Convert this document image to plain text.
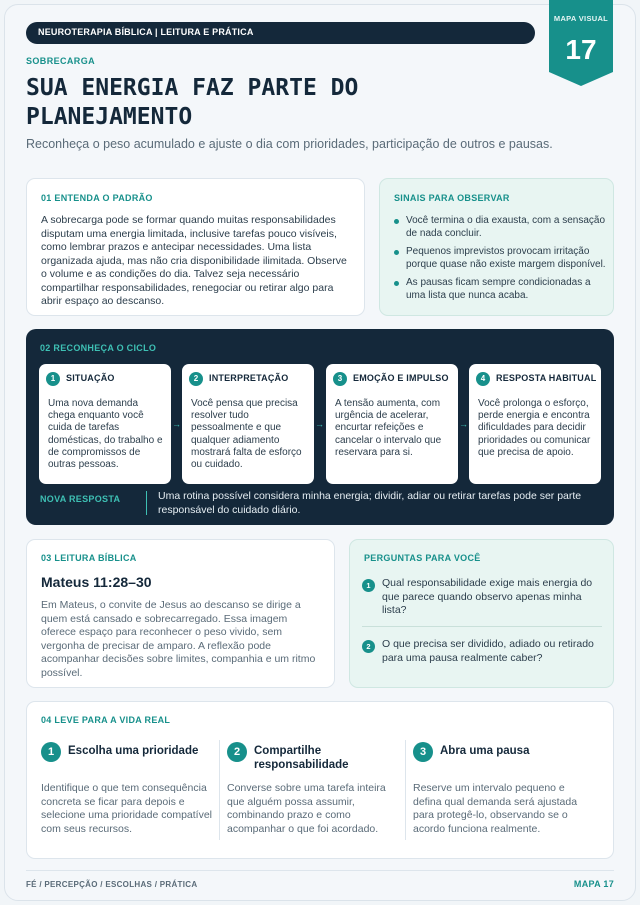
NEUROTERAPIA BÍBLICA | LEITURA E PRÁTICA
MAPA VISUAL
17
SOBRECARGA
SUA ENERGIA FAZ PARTE DO PLANEJAMENTO
Reconheça o peso acumulado e ajuste o dia com prioridades, participação de outros e pausas.
01 ENTENDA O PADRÃO
A sobrecarga pode se formar quando muitas responsabilidades disputam uma energia limitada, inclusive tarefas pouco visíveis, como lembrar prazos e antecipar necessidades. Uma lista organizada ajuda, mas não cria disponibilidade ilimitada. Observe o volume e as condições do dia. Talvez seja necessário compartilhar responsabilidades, renegociar ou retirar algo para abrir espaço ao descanso.
SINAIS PARA OBSERVAR
Você termina o dia exausta, com a sensação de nada concluir.
Pequenos imprevistos provocam irritação porque quase não existe margem disponível.
As pausas ficam sempre condicionadas a uma lista que nunca acaba.
02 RECONHEÇA O CICLO
1	SITUAÇÃO
Uma nova demanda chega enquanto você cuida de tarefas domésticas, do trabalho e de compromissos de outras pessoas.
→
2	INTERPRETAÇÃO
Você pensa que precisa resolver tudo pessoalmente e que qualquer adiamento mostrará falta de esforço ou cuidado.
→
3	EMOÇÃO E IMPULSO
A tensão aumenta, com urgência de acelerar, encurtar refeições e cancelar o intervalo que reservara para si.
→
4	RESPOSTA HABITUAL
Você prolonga o esforço, perde energia e encontra dificuldades para decidir prioridades ou comunicar que precisa de apoio.
NOVA RESPOSTA	Uma rotina possível considera minha energia; dividir, adiar ou retirar tarefas pode ser parte responsável do cuidado diário.
03 LEITURA BÍBLICA
Mateus 11:28–30
Em Mateus, o convite de Jesus ao descanso se dirige a quem está cansado e sobrecarregado. Essa imagem oferece espaço para reconhecer o peso vivido, sem vergonha de precisar de amparo. A reflexão pode acompanhar decisões sobre limites, companhia e um ritmo possível.
PERGUNTAS PARA VOCÊ
1	Qual responsabilidade exige mais energia do que parece quando observo apenas minha lista?
2	O que precisa ser dividido, adiado ou retirado para uma pausa realmente caber?
04 LEVE PARA A VIDA REAL
1	Escolha uma prioridade
Identifique o que tem consequência concreta se ficar para depois e selecione uma prioridade compatível com seus recursos.
2	Compartilhe responsabilidade
Converse sobre uma tarefa inteira que alguém possa assumir, combinando prazo e como acompanhar o que foi acordado.
3	Abra uma pausa
Reserve um intervalo pequeno e defina qual demanda será ajustada para protegê-lo, observando se o acordo funciona realmente.
FÉ / PERCEPÇÃO / ESCOLHAS / PRÁTICA	MAPA 17
